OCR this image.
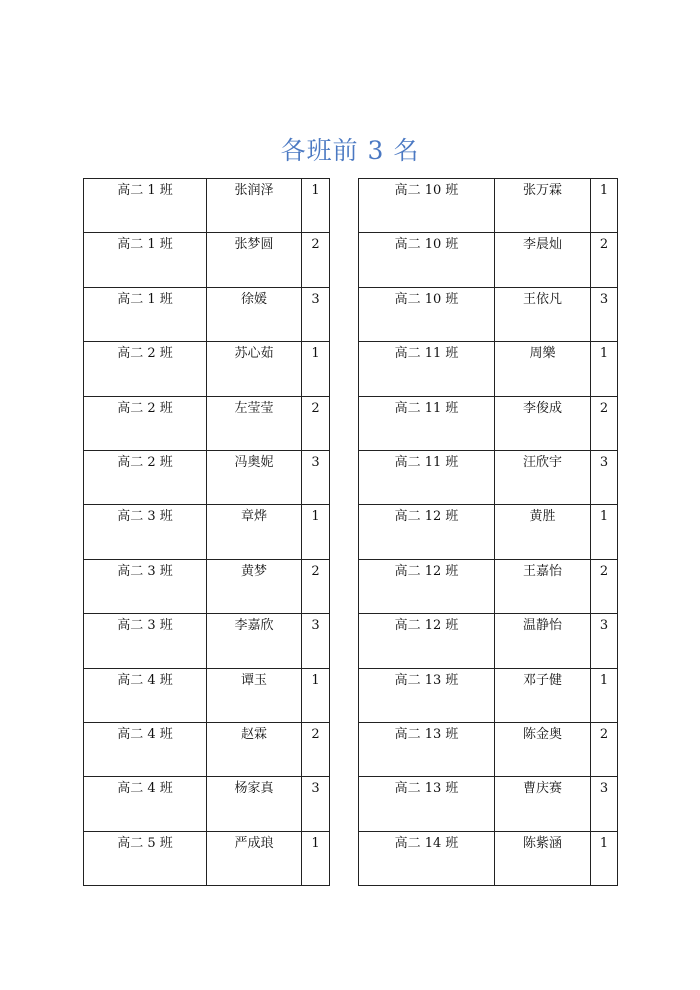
各班前 3 名
高二 1 班	张润泽	1
高二 1 班	张梦圆	2
高二 1 班	徐媛	3
高二 2 班	苏心茹	1
高二 2 班	左莹莹	2
高二 2 班	冯奥妮	3
高二 3 班	章烨	1
高二 3 班	黄梦	2
高二 3 班	李嘉欣	3
高二 4 班	谭玉	1
高二 4 班	赵霖	2
高二 4 班	杨家真	3
高二 5 班	严成琅	1
高二 10 班	张万霖	1
高二 10 班	李晨灿	2
高二 10 班	王依凡	3
高二 11 班	周樂	1
高二 11 班	李俊成	2
高二 11 班	汪欣宇	3
高二 12 班	黄胜	1
高二 12 班	王嘉怡	2
高二 12 班	温静怡	3
高二 13 班	邓子健	1
高二 13 班	陈金奥	2
高二 13 班	曹庆赛	3
高二 14 班	陈紫涵	1
